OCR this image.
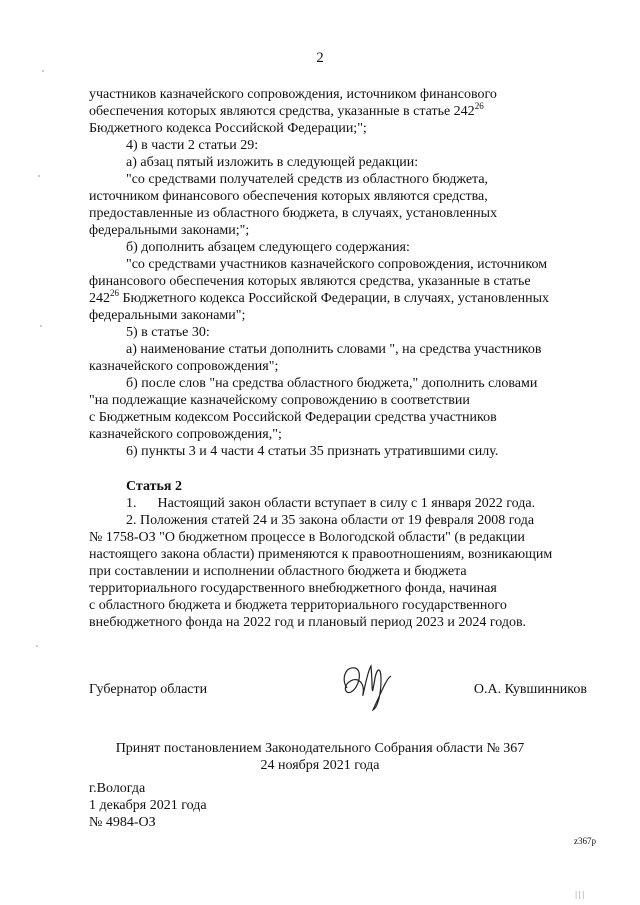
2

участников казначейского сопровождения, источником финансового
обеспечения которых являются средства, указанные в статье $242^{26}$
Бюджетного кодекса Российской Федерации;";

4) в части 2 статьи 29:

а) абзац пятый изложить в следующей редакции:

"со средствами получателей средств из областного бюджета,

источником финансового обеспечения которых являются средства,
предоставленные из областного бюджета, в случаях, установленных
федеральными законами;";

б) дополнить абзацем следующего содержания:

"со средствами участников казначейского сопровождения, источником

финансового обеспечения которых являются средства, указанные в статье
$242^{26}$ Бюджетного кодекса Российской Федерации, в случаях, установленных
федеральными законами";

5) в статье 30:

а) наименование статьи дополнить словами ", на средства участников

казначейского сопровождения";

б) после слов "на средства областного бюджета," дополнить словами

"на подлежащие казначейскому сопровождению в соответствии
с Бюджетным кодексом Российской Федерации средства участников
казначейского сопровождения,";

6) пункты 3 и 4 части 4 статьи 35 признать утратившими силу.

Статья 2

1.      Настоящий закон области вступает в силу с 1 января 2022 года.

2. Положения статей 24 и 35 закона области от 19 февраля 2008 года

№ 1758-ОЗ "О бюджетном процессе в Вологодской области" (в редакции
настоящего закона области) применяются к правоотношениям, возникающим
при составлении и исполнении областного бюджета и бюджета
территориального государственного внебюджетного фонда, начиная
с областного бюджета и бюджета территориального государственного
внебюджетного фонда на 2022 год и плановый период 2023 и 2024 годов.

Губернатор области	О.А. Кувшинников
Принят постановлением Законодательного Собрания области № 367
24 ноября 2021 года
г.Вологда
1 декабря 2021 года
№ 4984-ОЗ
z367p
| | |
